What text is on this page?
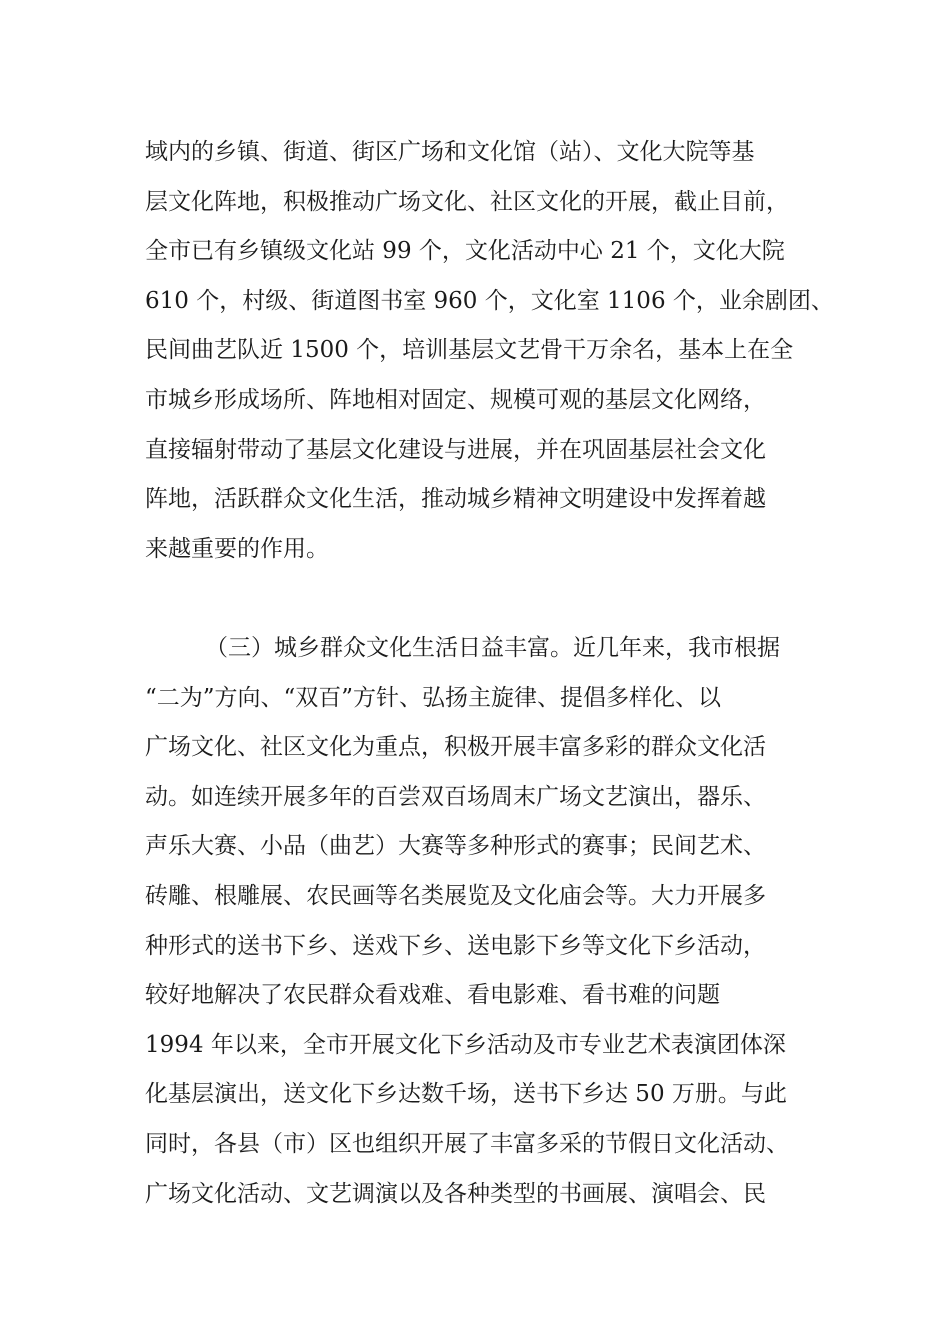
域内的乡镇、街道、街区广场和文化馆（站）、文化大院等基
层文化阵地，积极推动广场文化、社区文化的开展，截止目前，
全市已有乡镇级文化站 99 个，文化活动中心 21 个，文化大院
610 个，村级、街道图书室 960 个，文化室 1106 个，业余剧团、
民间曲艺队近 1500 个，培训基层文艺骨干万余名，基本上在全
市城乡形成场所、阵地相对固定、规模可观的基层文化网络，
直接辐射带动了基层文化建设与进展，并在巩固基层社会文化
阵地，活跃群众文化生活，推动城乡精神文明建设中发挥着越
来越重要的作用。
（三）城乡群众文化生活日益丰富。近几年来，我市根据
“二为”方向、“双百”方针、弘扬主旋律、提倡多样化、以
广场文化、社区文化为重点，积极开展丰富多彩的群众文化活
动。如连续开展多年的百尝双百场周末广场文艺演出，器乐、
声乐大赛、小品（曲艺）大赛等多种形式的赛事；民间艺术、
砖雕、根雕展、农民画等名类展览及文化庙会等。大力开展多
种形式的送书下乡、送戏下乡、送电影下乡等文化下乡活动，
较好地解决了农民群众看戏难、看电影难、看书难的问题
1994 年以来，全市开展文化下乡活动及市专业艺术表演团体深
化基层演出，送文化下乡达数千场，送书下乡达 50 万册。与此
同时，各县（市）区也组织开展了丰富多采的节假日文化活动、
广场文化活动、文艺调演以及各种类型的书画展、演唱会、民
